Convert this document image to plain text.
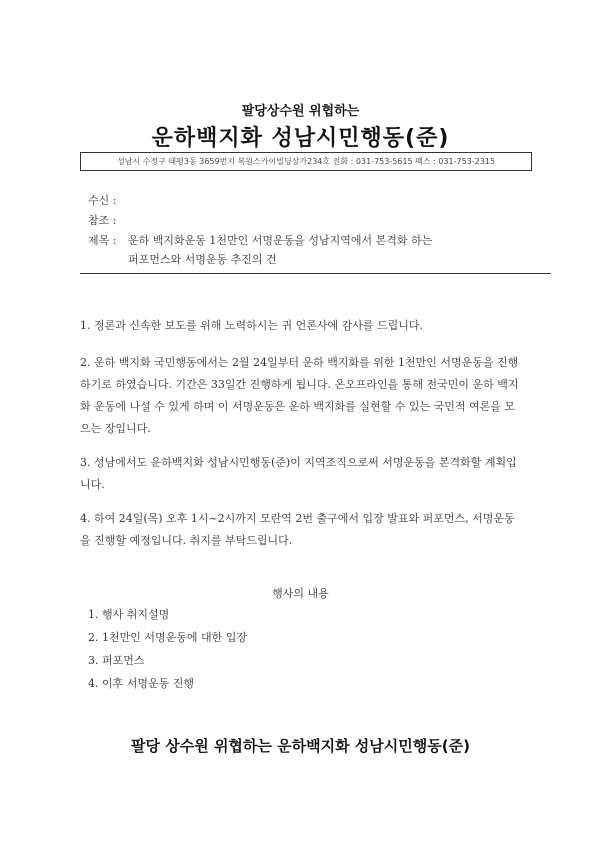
팔당상수원 위협하는
운하백지화 성남시민행동(준)
성남시 수정구 태평3동 3659번지 복원스카이빌딩상가234호 전화 : 031-753-5615 팩스 : 031-753-2315
수신 :
참조 :
제목 : 운하 백지화운동 1천만인 서명운동을 성남지역에서 본격화 하는
퍼포먼스와 서명운동 추진의 건
1. 정론과 신속한 보도를 위해 노력하시는 귀 언론사에 감사를 드립니다.
2. 운하 백지화 국민행동에서는 2월 24일부터 운하 백지화를 위한 1천만인 서명운동을 진행하기로 하였습니다. 기간은 33일간 진행하게 됩니다. 온오프라인을 통해 전국민이 운하 백지화 운동에 나설 수 있게 하며 이 서명운동은 운하 백지화를 실현할 수 있는 국민적 여론을 모으는 장입니다.
3. 성남에서도 운하백지화 성남시민행동(준)이 지역조직으로써 서명운동을 본격화할 계획입니다.
4. 하여 24일(목) 오후 1시~2시까지 모란역 2번 출구에서 입장 발표와 퍼포먼스, 서명운동을 진행할 예정입니다. 취지를 부탁드립니다.
행사의 내용
1. 행사 취지설명
2. 1천만인 서명운동에 대한 입장
3. 퍼포먼스
4. 이후 서명운동 진행
팔당 상수원 위협하는 운하백지화 성남시민행동(준)
